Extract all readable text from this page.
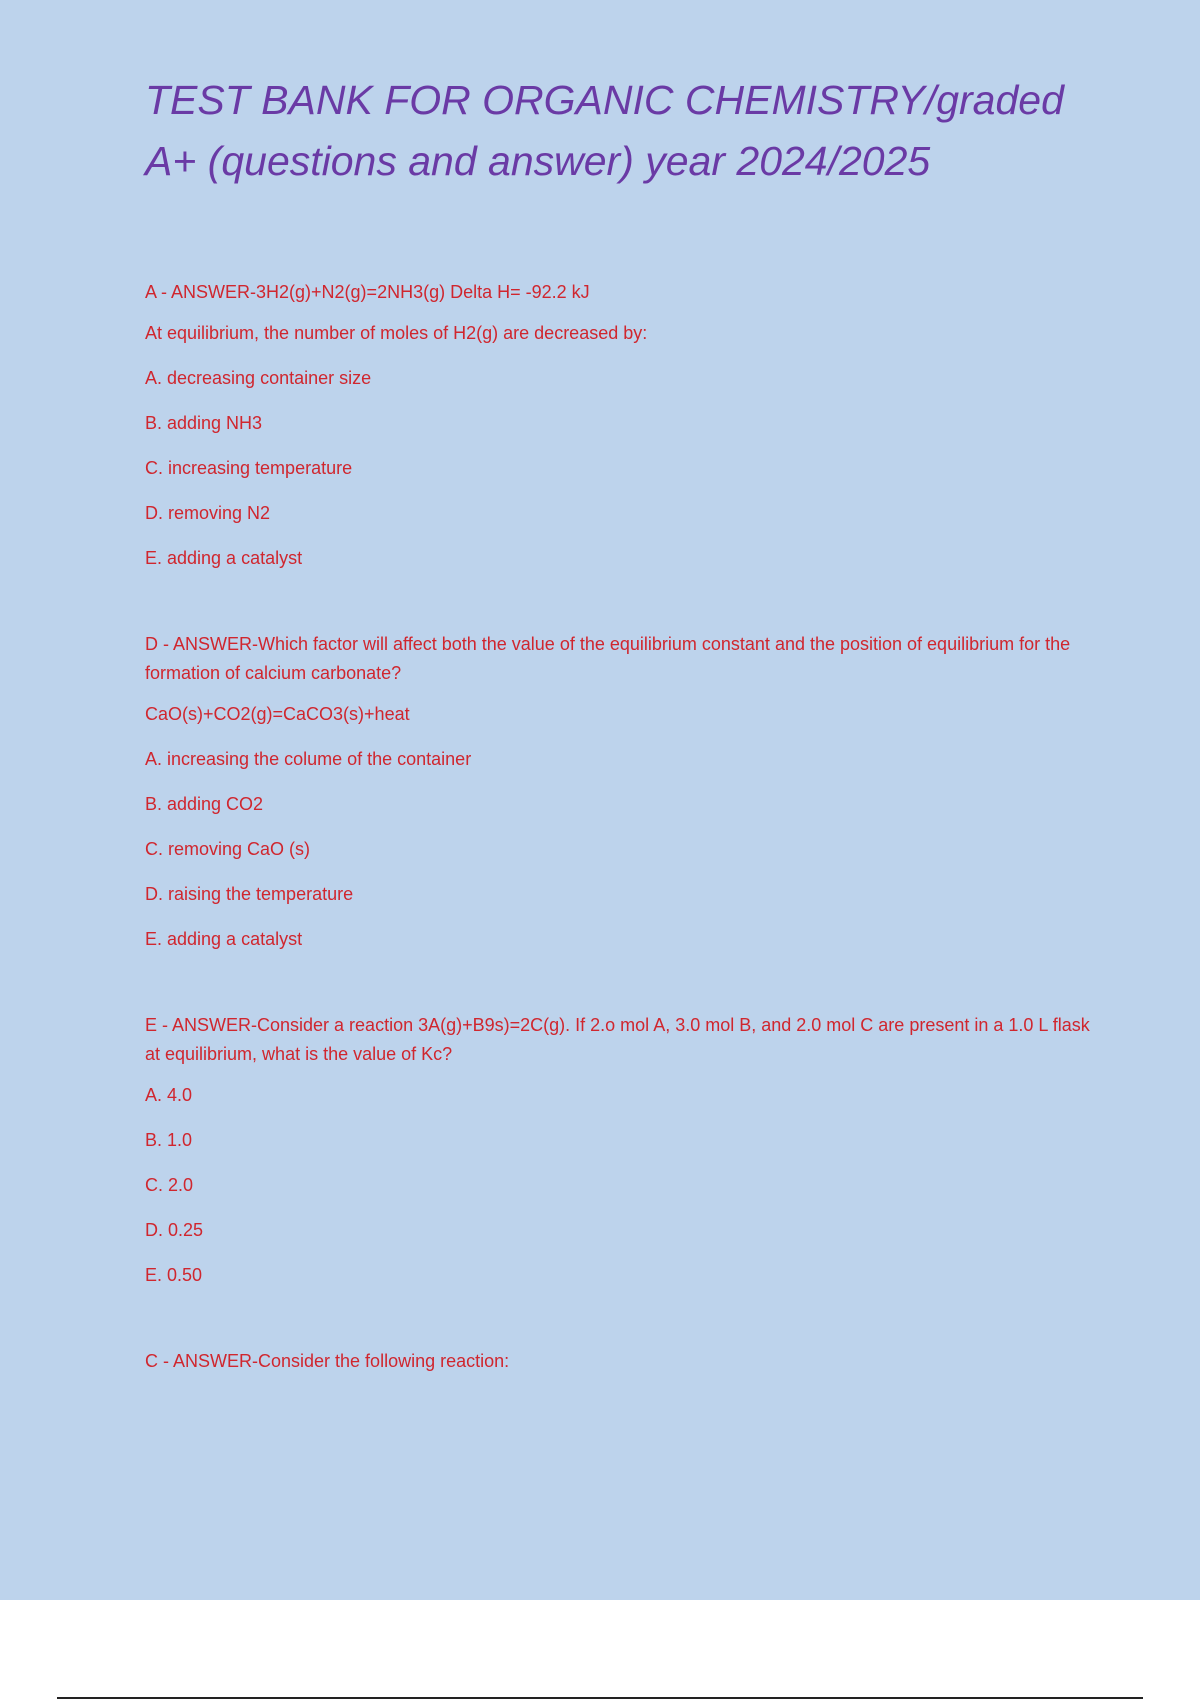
TEST BANK FOR ORGANIC CHEMISTRY/graded A+ (questions and answer) year 2024/2025

A - ANSWER-3H2(g)+N2(g)=2NH3(g) Delta H= -92.2 kJ

At equilibrium, the number of moles of H2(g) are decreased by:

A. decreasing container size

B. adding NH3

C. increasing temperature

D. removing N2

E. adding a catalyst

D - ANSWER-Which factor will affect both the value of the equilibrium constant and the position of equilibrium for the formation of calcium carbonate?

CaO(s)+CO2(g)=CaCO3(s)+heat

A. increasing the colume of the container

B. adding CO2

C. removing CaO (s)

D. raising the temperature

E. adding a catalyst

E - ANSWER-Consider a reaction 3A(g)+B9s)=2C(g). If 2.o mol A, 3.0 mol B, and 2.0 mol C are present in a 1.0 L flask at equilibrium, what is the value of Kc?

A. 4.0

B. 1.0

C. 2.0

D. 0.25

E. 0.50

C - ANSWER-Consider the following reaction:
